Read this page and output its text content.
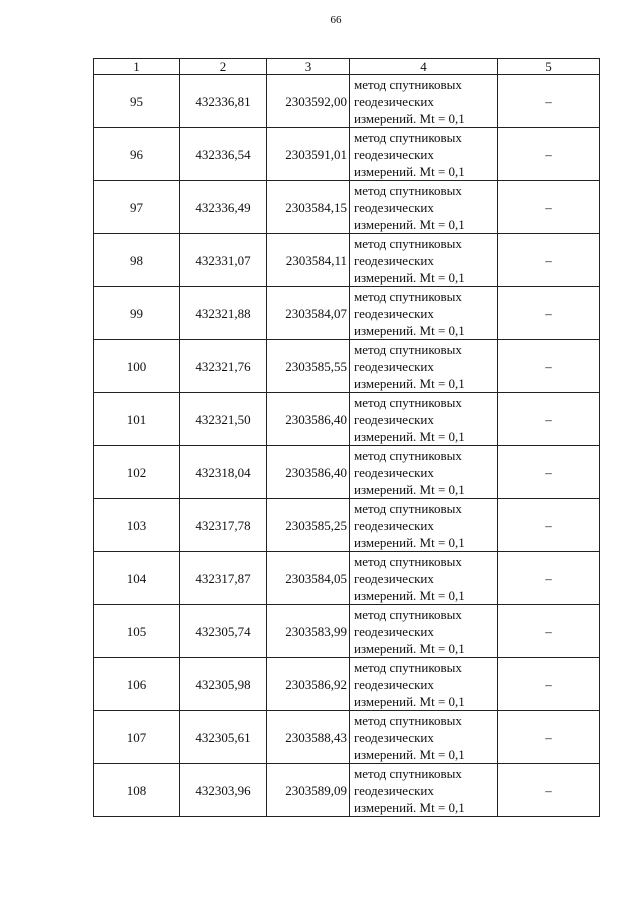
66
1	2	3	4	5
95	432336,81	2303592,00	метод спутниковых
геодезических
измерений. Mt = 0,1	–
96	432336,54	2303591,01	метод спутниковых
геодезических
измерений. Mt = 0,1	–
97	432336,49	2303584,15	метод спутниковых
геодезических
измерений. Mt = 0,1	–
98	432331,07	2303584,11	метод спутниковых
геодезических
измерений. Mt = 0,1	–
99	432321,88	2303584,07	метод спутниковых
геодезических
измерений. Mt = 0,1	–
100	432321,76	2303585,55	метод спутниковых
геодезических
измерений. Mt = 0,1	–
101	432321,50	2303586,40	метод спутниковых
геодезических
измерений. Mt = 0,1	–
102	432318,04	2303586,40	метод спутниковых
геодезических
измерений. Mt = 0,1	–
103	432317,78	2303585,25	метод спутниковых
геодезических
измерений. Mt = 0,1	–
104	432317,87	2303584,05	метод спутниковых
геодезических
измерений. Mt = 0,1	–
105	432305,74	2303583,99	метод спутниковых
геодезических
измерений. Mt = 0,1	–
106	432305,98	2303586,92	метод спутниковых
геодезических
измерений. Mt = 0,1	–
107	432305,61	2303588,43	метод спутниковых
геодезических
измерений. Mt = 0,1	–
108	432303,96	2303589,09	метод спутниковых
геодезических
измерений. Mt = 0,1	–
